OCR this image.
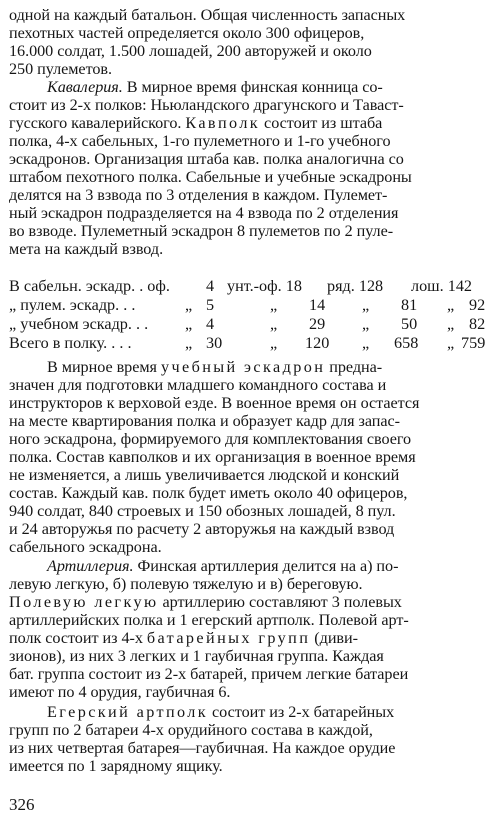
одной на каждый батальон. Общая численность запасных
пехотных частей определяется около 300 офицеров,
16.000 солдат, 1.500 лошадей, 200 авторужей и около
250 пулеметов.
Кавалерия. В мирное время финская конница со-
стоит из 2-х полков: Ньюландского драгунского и Таваст-
гусского кавалерийского. Кавполк состоит из штаба
полка, 4-х сабельных, 1-го пулеметного и 1-го учебного
эскадронов. Организация штаба кав. полка аналогична со
штабом пехотного полка. Сабельные и учебные эскадроны
делятся на 3 взвода по 3 отделения в каждом. Пулемет-
ный эскадрон подразделяется на 4 взвода по 2 отделения
во взводе. Пулеметный эскадрон 8 пулеметов по 2 пуле-
мета на каждый взвод.
В сабельн. эскадр. . оф. 4 унт.-оф. 18 ряд. 128 лош. 142
„ пулем. эскадр. . .	„ 5	„ 14 „ 81 „ 92
„ учебном эскадр. . . „ 4	„ 29 „ 50 „ 82
Всего в полку. . . .	„ 30	„ 120 „ 658 „ 759
В мирное время учебный эскадрон предна-
значен для подготовки младшего командного состава и
инструкторов к верховой езде. В военное время он остается
на месте квартирования полка и образует кадр для запас-
ного эскадрона, формируемого для комплектования своего
полка. Состав кавполков и их организация в военное время
не изменяется, а лишь увеличивается людской и конский
состав. Каждый кав. полк будет иметь около 40 офицеров,
940 солдат, 840 строевых и 150 обозных лошадей, 8 пул.
и 24 авторужья по расчету 2 авторужья на каждый взвод
сабельного эскадрона.
Артиллерия. Финская артиллерия делится на а) по-
левую легкую, б) полевую тяжелую и в) береговую.
Полевую легкую артиллерию составляют 3 полевых
артиллерийских полка и 1 егерский артполк. Полевой арт-
полк состоит из 4-х батарейных групп (диви-
зионов), из них 3 легких и 1 гаубичная группа. Каждая
бат. группа состоит из 2-х батарей, причем легкие батареи
имеют по 4 орудия, гаубичная 6.
Егерский артполк состоит из 2-х батарейных
групп по 2 батареи 4-х орудийного состава в каждой,
из них четвертая батарея—гаубичная. На каждое орудие
имеется по 1 зарядному ящику.
326
